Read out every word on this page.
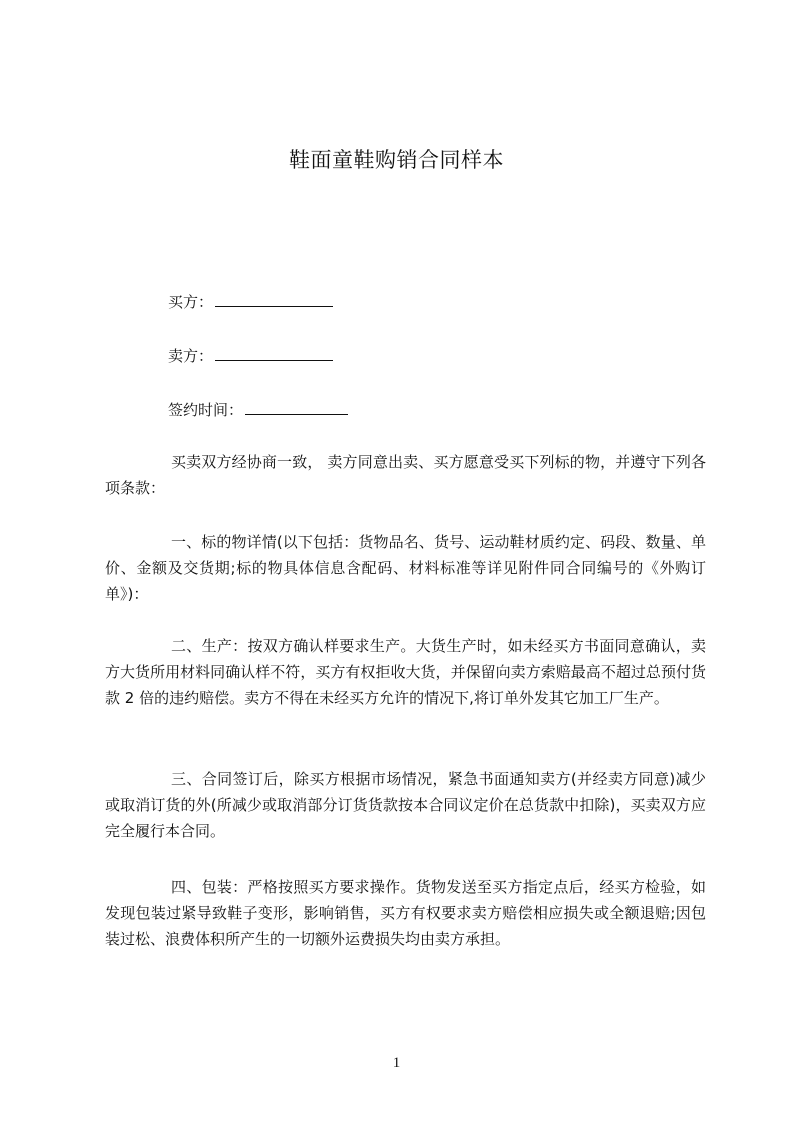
鞋面童鞋购销合同样本
买方：
卖方：
签约时间：
买卖双方经协商一致， 卖方同意出卖、买方愿意受买下列标的物，并遵守下列各项条款：
一、标的物详情(以下包括：货物品名、货号、运动鞋材质约定、码段、数量、单价、金额及交货期;标的物具体信息含配码、材料标准等详见附件同合同编号的《外购订单》)：
二、生产：按双方确认样要求生产。大货生产时，如未经买方书面同意确认，卖方大货所用材料同确认样不符，买方有权拒收大货，并保留向卖方索赔最高不超过总预付货款 2 倍的违约赔偿。卖方不得在未经买方允许的情况下,将订单外发其它加工厂生产。
三、合同签订后，除买方根据市场情况，紧急书面通知卖方(并经卖方同意)减少或取消订货的外(所减少或取消部分订货货款按本合同议定价在总货款中扣除)，买卖双方应完全履行本合同。
四、包装：严格按照买方要求操作。货物发送至买方指定点后，经买方检验，如发现包装过紧导致鞋子变形，影响销售，买方有权要求卖方赔偿相应损失或全额退赔;因包装过松、浪费体积所产生的一切额外运费损失均由卖方承担。
1
